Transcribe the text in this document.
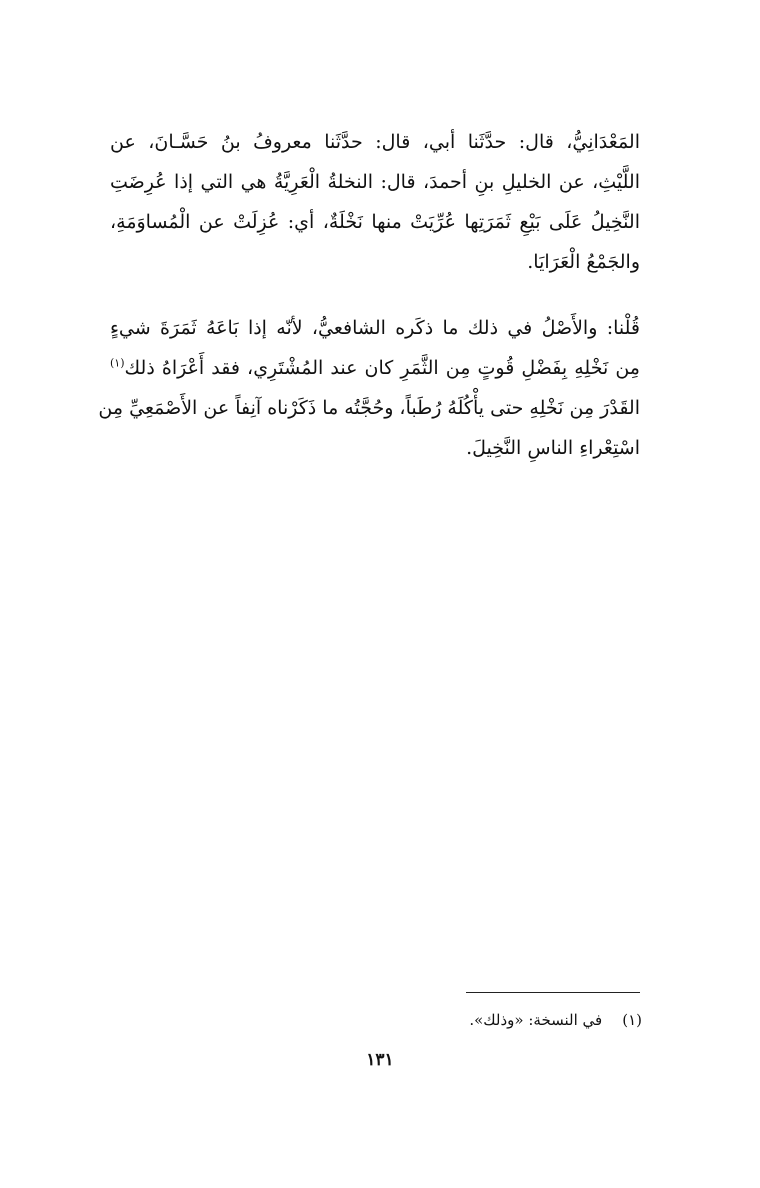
المَعْدَانِيُّ، قال: حدَّثَنا أبي، قال: حدَّثَنا معروفُ بنُ حَسَّـانَ، عن
اللَّيْثِ، عن الخليلِ بنِ أحمدَ، قال: النخلةُ الْعَرِيَّةُ هي التي إذا عُرِضَتِ
النَّخِيلُ عَلَى بَيْعِ ثَمَرَتِها عُرِّيَتْ منها نَخْلَةٌ، أي: عُزِلَتْ عن الْمُساوَمَةِ،
والجَمْعُ الْعَرَايَا.

قُلْنا: والأَصْلُ في ذلك ما ذكَره الشافعيُّ، لأنّه إذا بَاعَهُ ثَمَرَةَ شيءٍ
مِن نَخْلِهِ بِفَضْلِ قُوتٍ مِن الثَّمَرِ كان عند المُشْتَرِي، فقد أَعْرَاهُ ذلك$^{(١)}$
القَدْرَ مِن نَخْلِهِ حتى يأْكُلَهُ رُطَباً، وحُجَّتُه ما ذَكَرْناه آنِفاً عن الأَصْمَعِيِّ مِن
اسْتِعْراءِ الناسِ النَّخِيلَ.

(١)في النسخة: «وذلك».
١٣١
